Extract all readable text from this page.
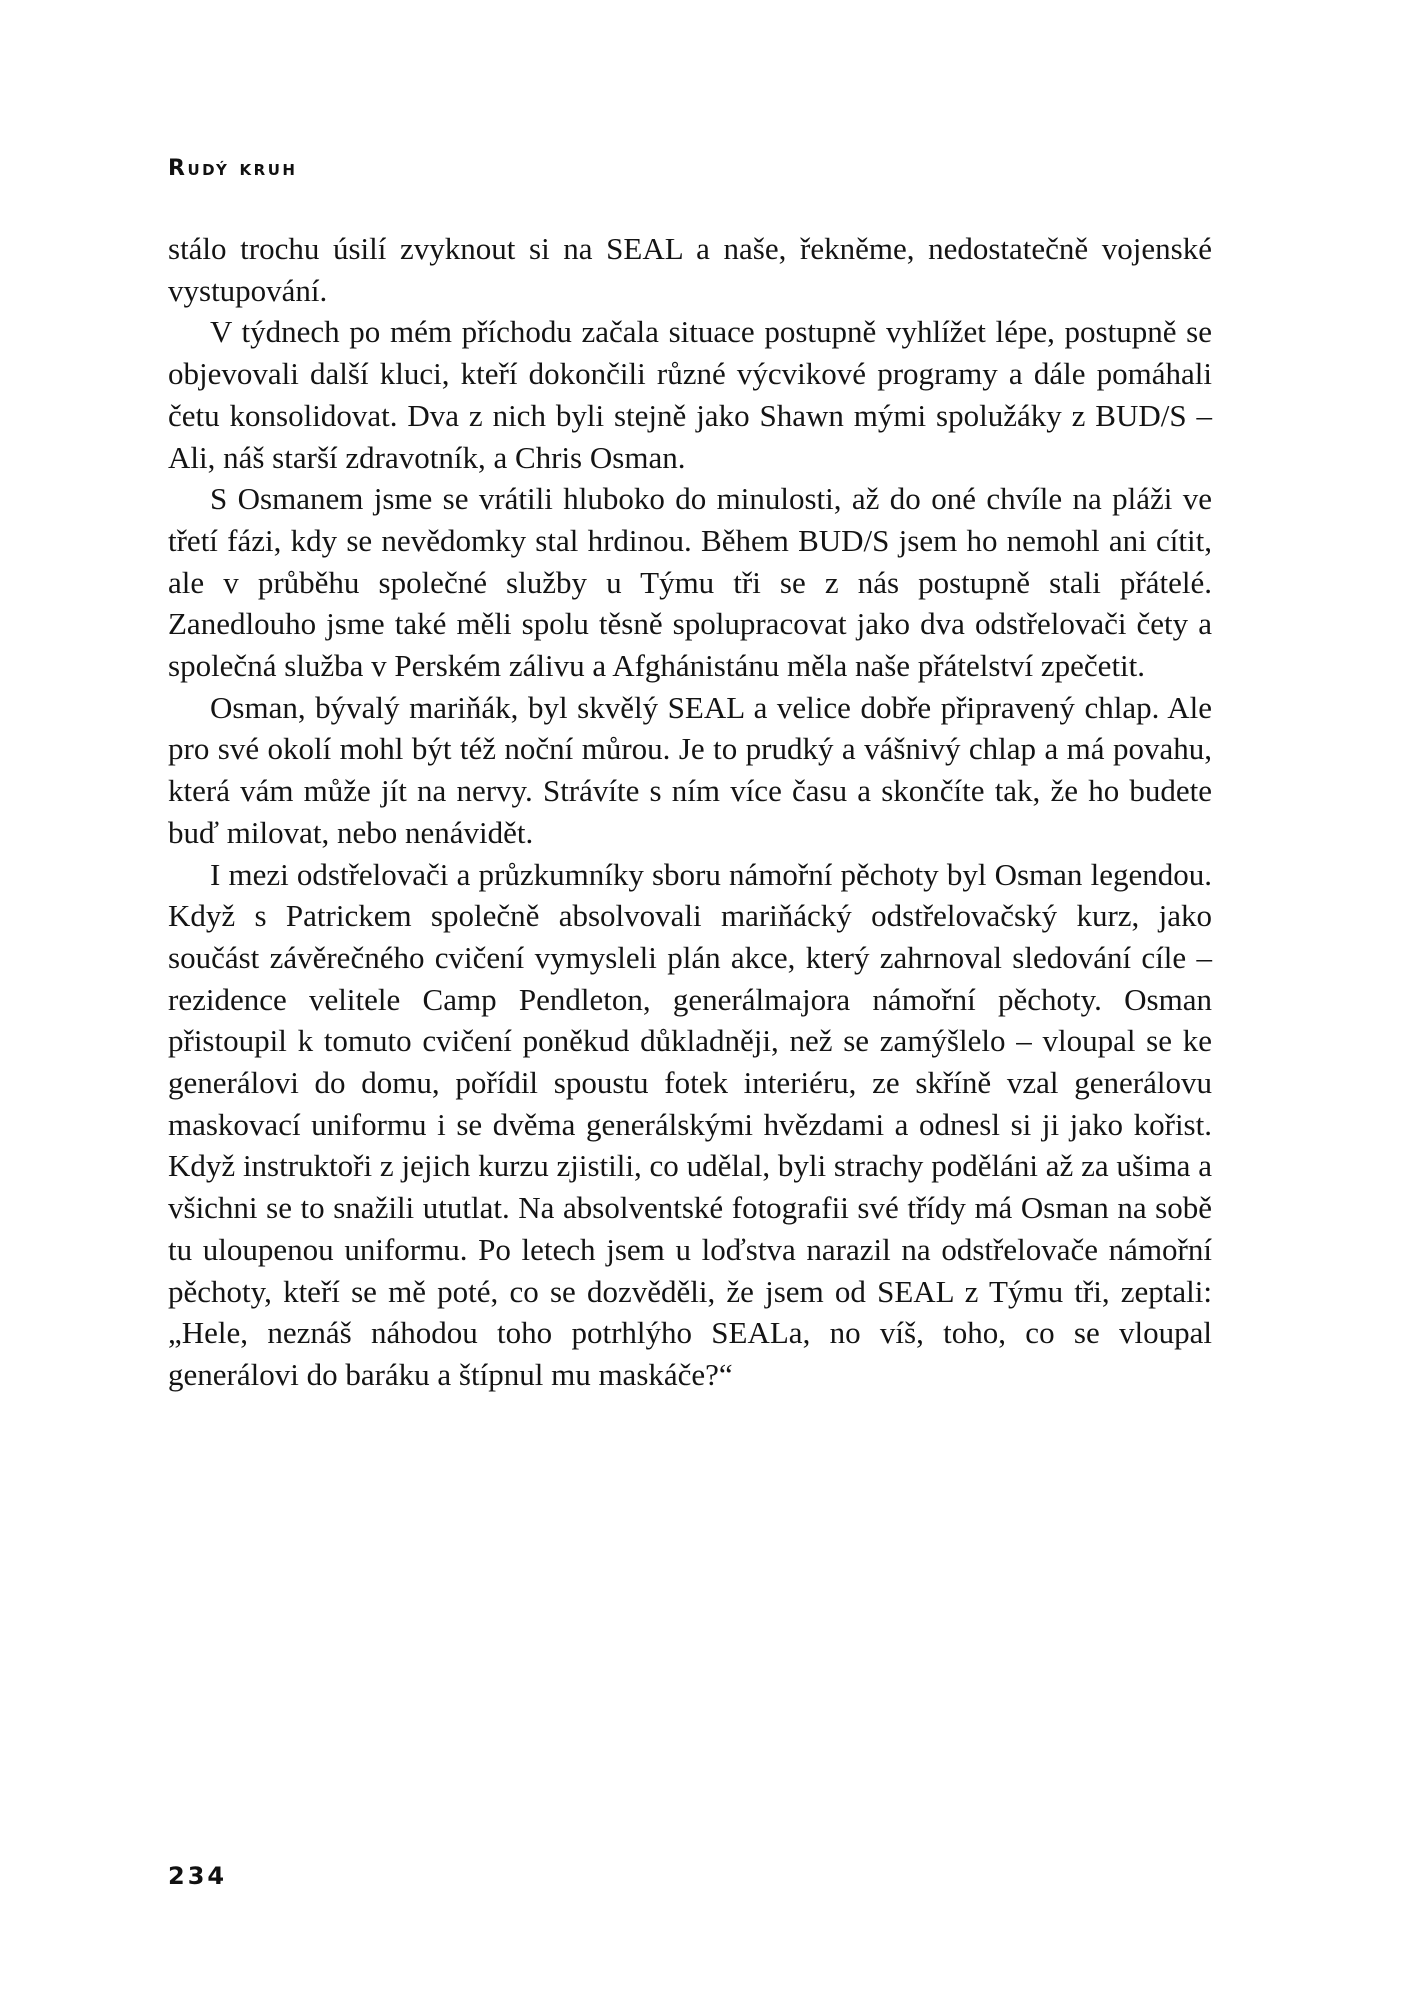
Rudý kruh

stálo trochu úsilí zvyknout si na SEAL a naše, řekněme, nedostatečně vojenské vystupování.

V týdnech po mém příchodu začala situace postupně vyhlížet lépe, postupně se objevovali další kluci, kteří dokončili různé výcvikové programy a dále pomáhali četu konsolidovat. Dva z nich byli stejně jako Shawn mými spolužáky z BUD/S – Ali, náš starší zdravotník, a Chris Osman.

S Osmanem jsme se vrátili hluboko do minulosti, až do oné chvíle na pláži ve třetí fázi, kdy se nevědomky stal hrdinou. Během BUD/S jsem ho nemohl ani cítit, ale v průběhu společné služby u Týmu tři se z nás postupně stali přátelé. Zanedlouho jsme také měli spolu těsně spolupracovat jako dva odstřelovači čety a společná služba v Perském zálivu a Afghánistánu měla naše přátelství zpečetit.

Osman, bývalý mariňák, byl skvělý SEAL a velice dobře připravený chlap. Ale pro své okolí mohl být též noční můrou. Je to prudký a vášnivý chlap a má povahu, která vám může jít na nervy. Strávíte s ním více času a skončíte tak, že ho budete buď milovat, nebo nenávidět.

I mezi odstřelovači a průzkumníky sboru námořní pěchoty byl Osman legendou. Když s Patrickem společně absolvovali mariňácký odstřelovačský kurz, jako součást závěrečného cvičení vymysleli plán akce, který zahrnoval sledování cíle – rezidence velitele Camp Pendleton, generálmajora námořní pěchoty. Osman přistoupil k tomuto cvičení poněkud důkladněji, než se zamýšlelo – vloupal se ke generálovi do domu, pořídil spoustu fotek interiéru, ze skříně vzal generálovu maskovací uniformu i se dvěma generálskými hvězdami a odnesl si ji jako kořist. Když instruktoři z jejich kurzu zjistili, co udělal, byli strachy poděláni až za ušima a všichni se to snažili ututlat. Na absolventské fotografii své třídy má Osman na sobě tu uloupenou uniformu. Po letech jsem u loďstva narazil na odstřelovače námořní pěchoty, kteří se mě poté, co se dozvěděli, že jsem od SEAL z Týmu tři, zeptali: „Hele, neznáš náhodou toho potrhlýho SEALa, no víš, toho, co se vloupal generálovi do baráku a štípnul mu maskáče?“

234
